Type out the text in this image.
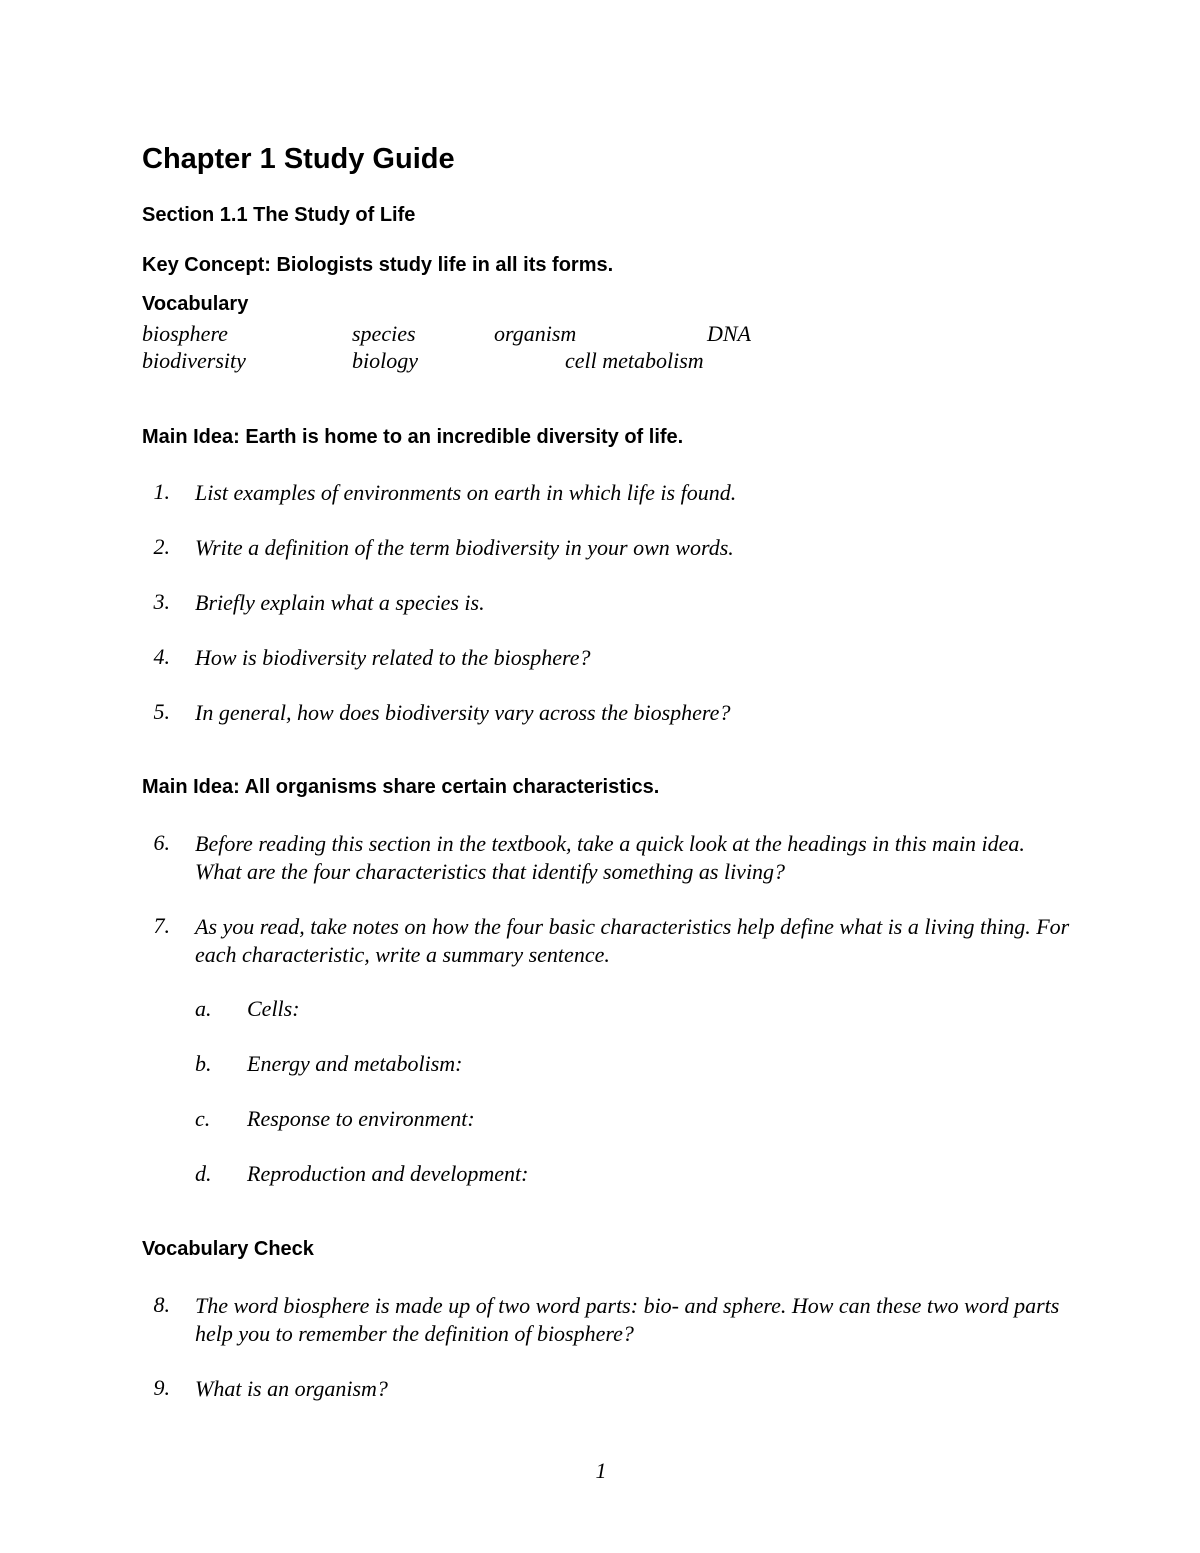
Chapter 1 Study Guide
Section 1.1 The Study of Life
Key Concept: Biologists study life in all its forms.
Vocabulary
biosphere	species	organism	DNA
biodiversity	biology	cell metabolism
Main Idea: Earth is home to an incredible diversity of life.
1. List examples of environments on earth in which life is found.
2. Write a definition of the term biodiversity in your own words.
3. Briefly explain what a species is.
4. How is biodiversity related to the biosphere?
5. In general, how does biodiversity vary across the biosphere?
Main Idea: All organisms share certain characteristics.
6. Before reading this section in the textbook, take a quick look at the headings in this main idea. What are the four characteristics that identify something as living?
7. As you read, take notes on how the four basic characteristics help define what is a living thing. For each characteristic, write a summary sentence.
a. Cells:
b. Energy and metabolism:
c. Response to environment:
d. Reproduction and development:
Vocabulary Check
8. The word biosphere is made up of two word parts: bio- and sphere. How can these two word parts help you to remember the definition of biosphere?
9. What is an organism?
1
